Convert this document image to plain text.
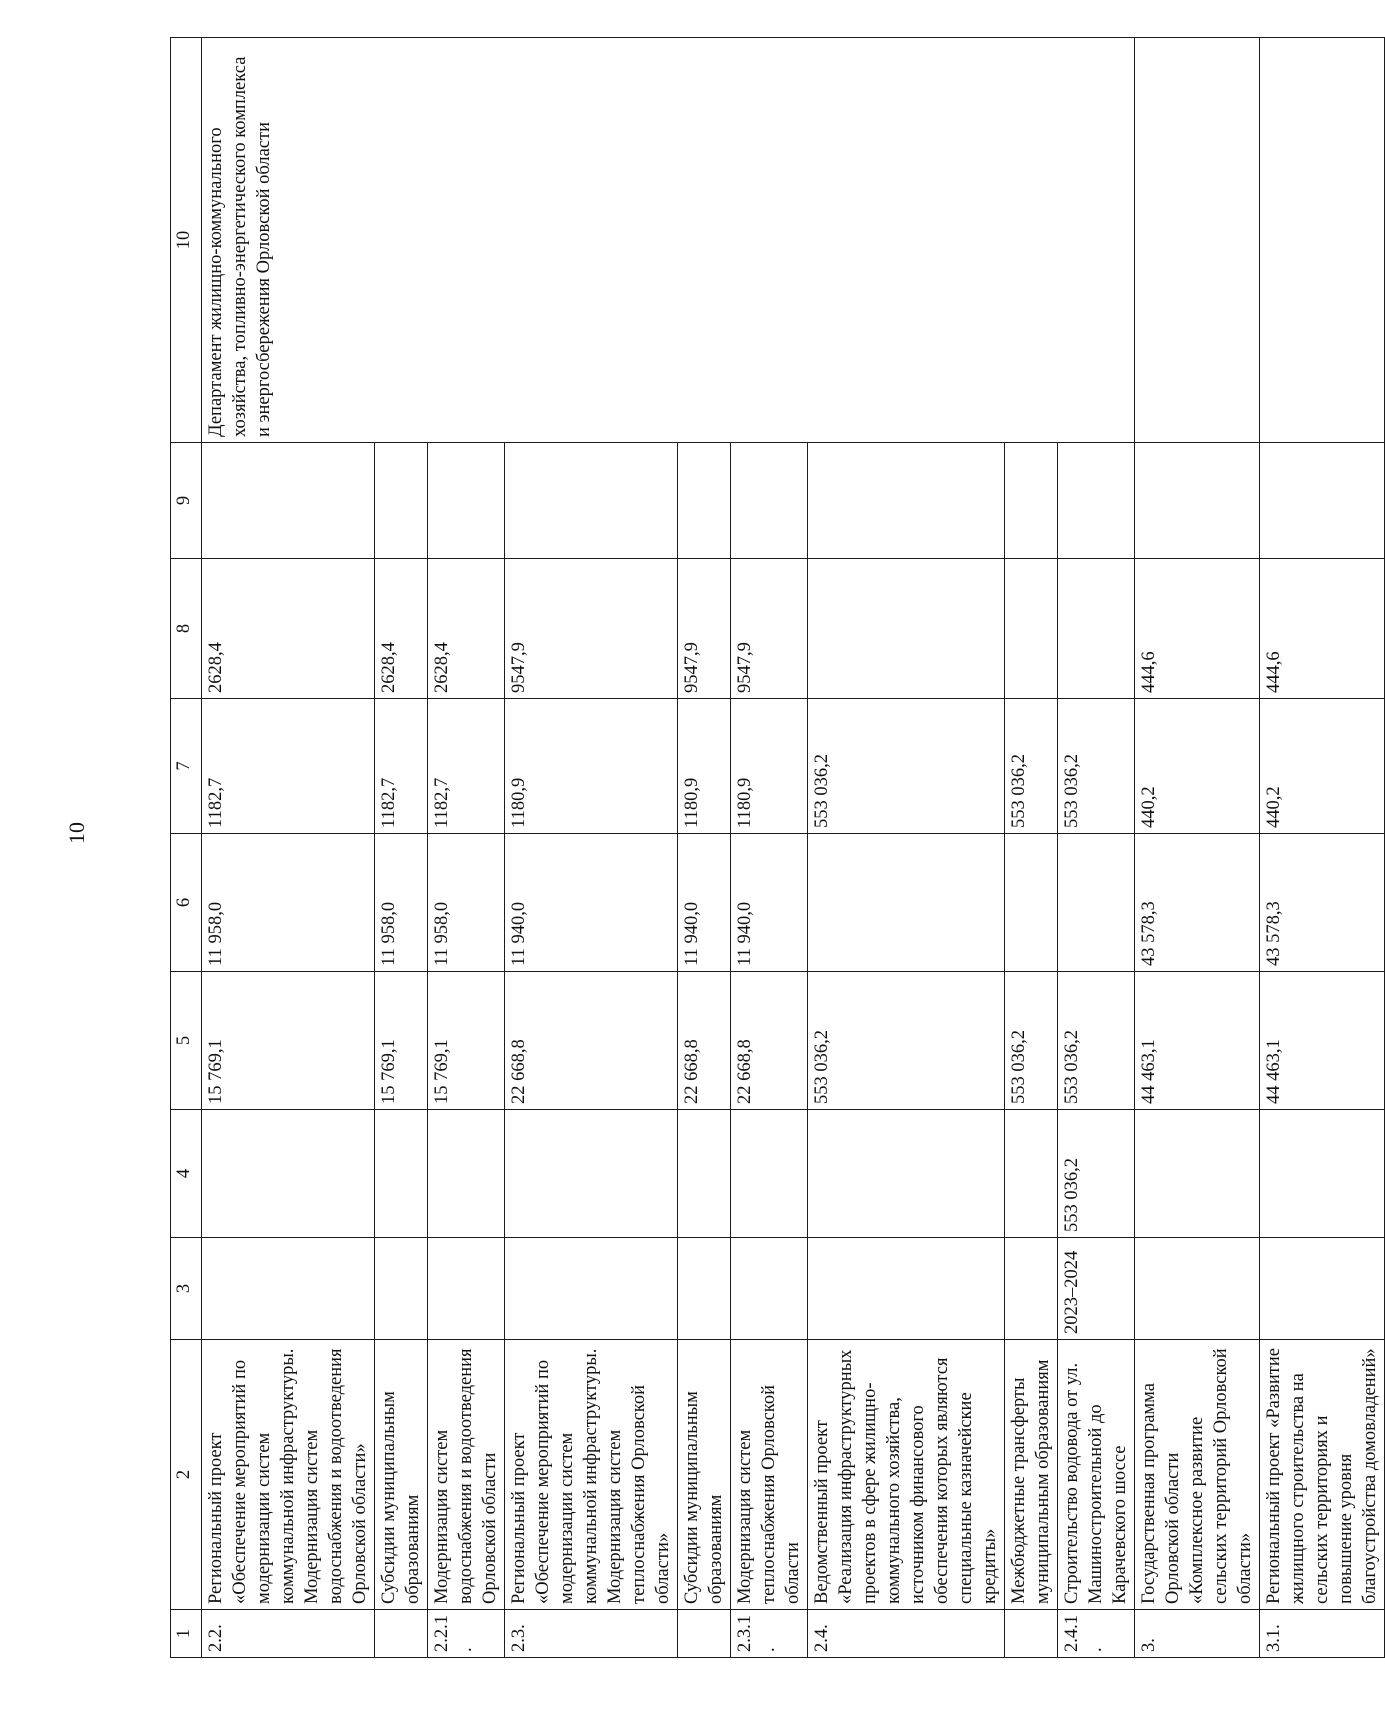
10
1	2	3	4	5	6	7	8	9	10
2.2.	Региональный проект «Обеспечение мероприятий по модернизации систем коммунальной инфраструктуры. Модернизация систем водоснабжения и водоотведения Орловской области»			15 769,1	11 958,0	1182,7	2628,4		Департамент жилищно-коммунального хозяйства, топливно-энергетического комплекса и энергосбережения Орловской области
	Субсидии муниципальным образованиям			15 769,1	11 958,0	1182,7	2628,4		
2.2.1.	Модернизация систем водоснабжения и водоотведения Орловской области			15 769,1	11 958,0	1182,7	2628,4		
2.3.	Региональный проект «Обеспечение мероприятий по модернизации систем коммунальной инфраструктуры. Модернизация систем теплоснабжения Орловской области»			22 668,8	11 940,0	1180,9	9547,9		
	Субсидии муниципальным образованиям			22 668,8	11 940,0	1180,9	9547,9		
2.3.1.	Модернизация систем теплоснабжения Орловской области			22 668,8	11 940,0	1180,9	9547,9		
2.4.	Ведомственный проект «Реализация инфраструктурных проектов в сфере жилищно-коммунального хозяйства, источником финансового обеспечения которых являются специальные казначейские кредиты»			553 036,2		553 036,2			
	Межбюджетные трансферты муниципальным образованиям			553 036,2		553 036,2			
2.4.1.	Строительство водовода от ул. Машиностроительной до Карачевского шоссе	2023–2024	553 036,2	553 036,2		553 036,2			
3.	Государственная программа Орловской области «Комплексное развитие сельских территорий Орловской области»			44 463,1	43 578,3	440,2	444,6		
3.1.	Региональный проект «Развитие жилищного строительства на сельских территориях и повышение уровня благоустройства домовладений»			44 463,1	43 578,3	440,2	444,6		
